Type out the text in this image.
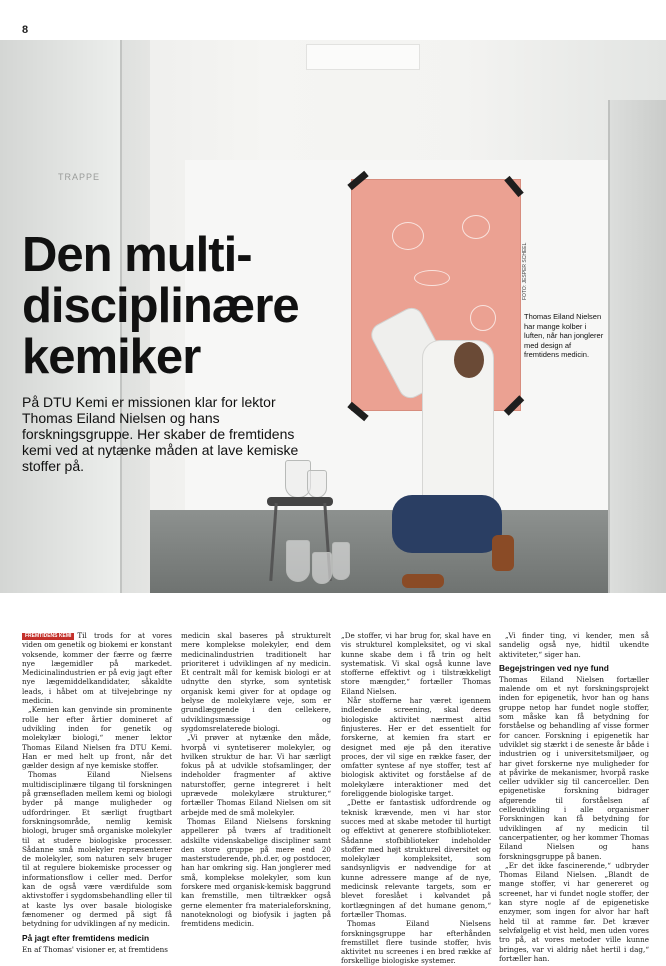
8
TRAPPE
FOTO: JESPER SCHEEL
Den multi-disciplinære kemiker

På DTU Kemi er missionen klar for lektor Thomas Eiland Nielsen og hans forskningsgruppe. Her skaber de fremtidens kemi ved at nytænke måden at lave kemiske stoffer på.

Thomas Eiland Nielsen har mange kolber i luften, når han jonglerer med design af fremtidens medicin.

FREMTIDENS KEMI Til trods for at vores viden om genetik og biokemi er konstant voksende, kommer der færre og færre nye lægemidler på markedet. Medicinalindustrien er på evig jagt efter nye lægemiddelkandidater, såkaldte leads, i håbet om at tilvejebringe ny medicin.

„Kemien kan genvinde sin prominente rolle her efter årtier domineret af udvikling inden for genetik og molekylær biologi,“ mener lektor Thomas Eiland Nielsen fra DTU Kemi. Han er med helt up front, når det gælder design af nye kemiske stoffer.

Thomas Eiland Nielsens multidisciplinære tilgang til forskningen på grænsefladen mellem kemi og biologi byder på mange muligheder og udfordringer. Et særligt frugtbart forskningsområde, nemlig kemisk biologi, bruger små organiske molekyler til at studere biologiske processer. Sådanne små molekyler repræsenterer de molekyler, som naturen selv bruger til at regulere biokemiske processer og informationsflow i celler med. Derfor kan de også være værdifulde som aktivstoffer i sygdomsbehandling eller til at kaste lys over basale biologiske fænomener og dermed på sigt få betydning for udviklingen af ny medicin.

På jagt efter fremtidens medicin

En af Thomas' visioner er, at fremtidens

medicin skal baseres på strukturelt mere komplekse molekyler, end dem medicinalindustrien traditionelt har prioriteret i udviklingen af ny medicin. Et centralt mål for kemisk biologi er at udnytte den styrke, som syntetisk organisk kemi giver for at opdage og belyse de molekylære veje, som er grundlæggende i den cellekere, udviklingsmæssige og sygdomsrelaterede biologi.

„Vi prøver at nytænke den måde, hvorpå vi syntetiserer molekyler, og hvilken struktur de har. Vi har særligt fokus på at udvikle stofsamlinger, der indeholder fragmenter af aktive naturstoffer, gerne integreret i helt uprævede molekylære strukturer,“ fortæller Thomas Eiland Nielsen om sit arbejde med de små molekyler.

Thomas Eiland Nielsens forskning appellerer på tværs af traditionelt adskilte videnskabelige discipliner samt den store gruppe på mere end 20 masterstuderende, ph.d.er, og postdocer, han har omkring sig. Han jonglerer med små, komplekse molekyler, som kun forskere med organisk-kemisk baggrund kan fremstille, men tiltrækker også gerne elementer fra materialeforskning, nanoteknologi og biofysik i jagten på fremtidens medicin.

„De stoffer, vi har brug for, skal have en vis strukturel kompleksitet, og vi skal kunne skabe dem i få trin og helt systematisk. Vi skal også kunne lave stofferne effektivt og i tilstrækkeligt store mængder,“ fortæller Thomas Eiland Nielsen.

Når stofferne har været igennem indledende screening, skal deres biologiske aktivitet nærmest altid finjusteres. Her er det essentielt for forskerne, at kemien fra start er designet med øje på den iterative proces, der vil sige en række faser, der omfatter syntese af nye stoffer, test af biologisk aktivitet og forståelse af de molekylære interaktioner med det foreliggende biologiske target.

„Dette er fantastisk udfordrende og teknisk krævende, men vi har stor succes med at skabe metoder til hurtigt og effektivt at generere stofbiblioteker. Sådanne stofbiblioteker indeholder stoffer med højt strukturel diversitet og molekylær kompleksitet, som sandsynligvis er nødvendige for at kunne adressere mange af de nye, medicinsk relevante targets, som er blevet foreslået i kølvandet på kortlægningen af det humane genom,“ fortæller Thomas.

Thomas Eiland Nielsens forskningsgruppe har efterhånden fremstillet flere tusinde stoffer, hvis aktivitet nu screenes i en bred række af forskellige biologiske systemer.

„Vi finder ting, vi kender, men så sandelig også nye, hidtil ukendte aktiviteter,“ siger han.

Begejstringen ved nye fund

Thomas Eiland Nielsen fortæller malende om et nyt forskningsprojekt inden for epigenetik, hvor han og hans gruppe netop har fundet nogle stoffer, som måske kan få betydning for forståelse og behandling af visse former for cancer. Forskning i epigenetik har udviklet sig stærkt i de seneste år både i industrien og i universitetsmiljøer, og har givet forskerne nye muligheder for at påvirke de mekanismer, hvorpå raske celler udvikler sig til cancerceller. Den epigenetiske forskning bidrager afgørende til forståelsen af celleudvikling i alle organismer Forskningen kan få betydning for udviklingen af ny medicin til cancerpatienter, og her kommer Thomas Eiland Nielsen og hans forskningsgruppe på banen.

„Er det ikke fascinerende,“ udbryder Thomas Eiland Nielsen. „Blandt de mange stoffer, vi har genereret og screenet, har vi fundet nogle stoffer, der kan styre nogle af de epigenetiske enzymer, som ingen for alvor har haft held til at ramme før. Det kræver selvfølgelig et vist held, men uden vores tro på, at vores metoder ville kunne bringes, var vi aldrig nået hertil i dag,“ fortæller han.
